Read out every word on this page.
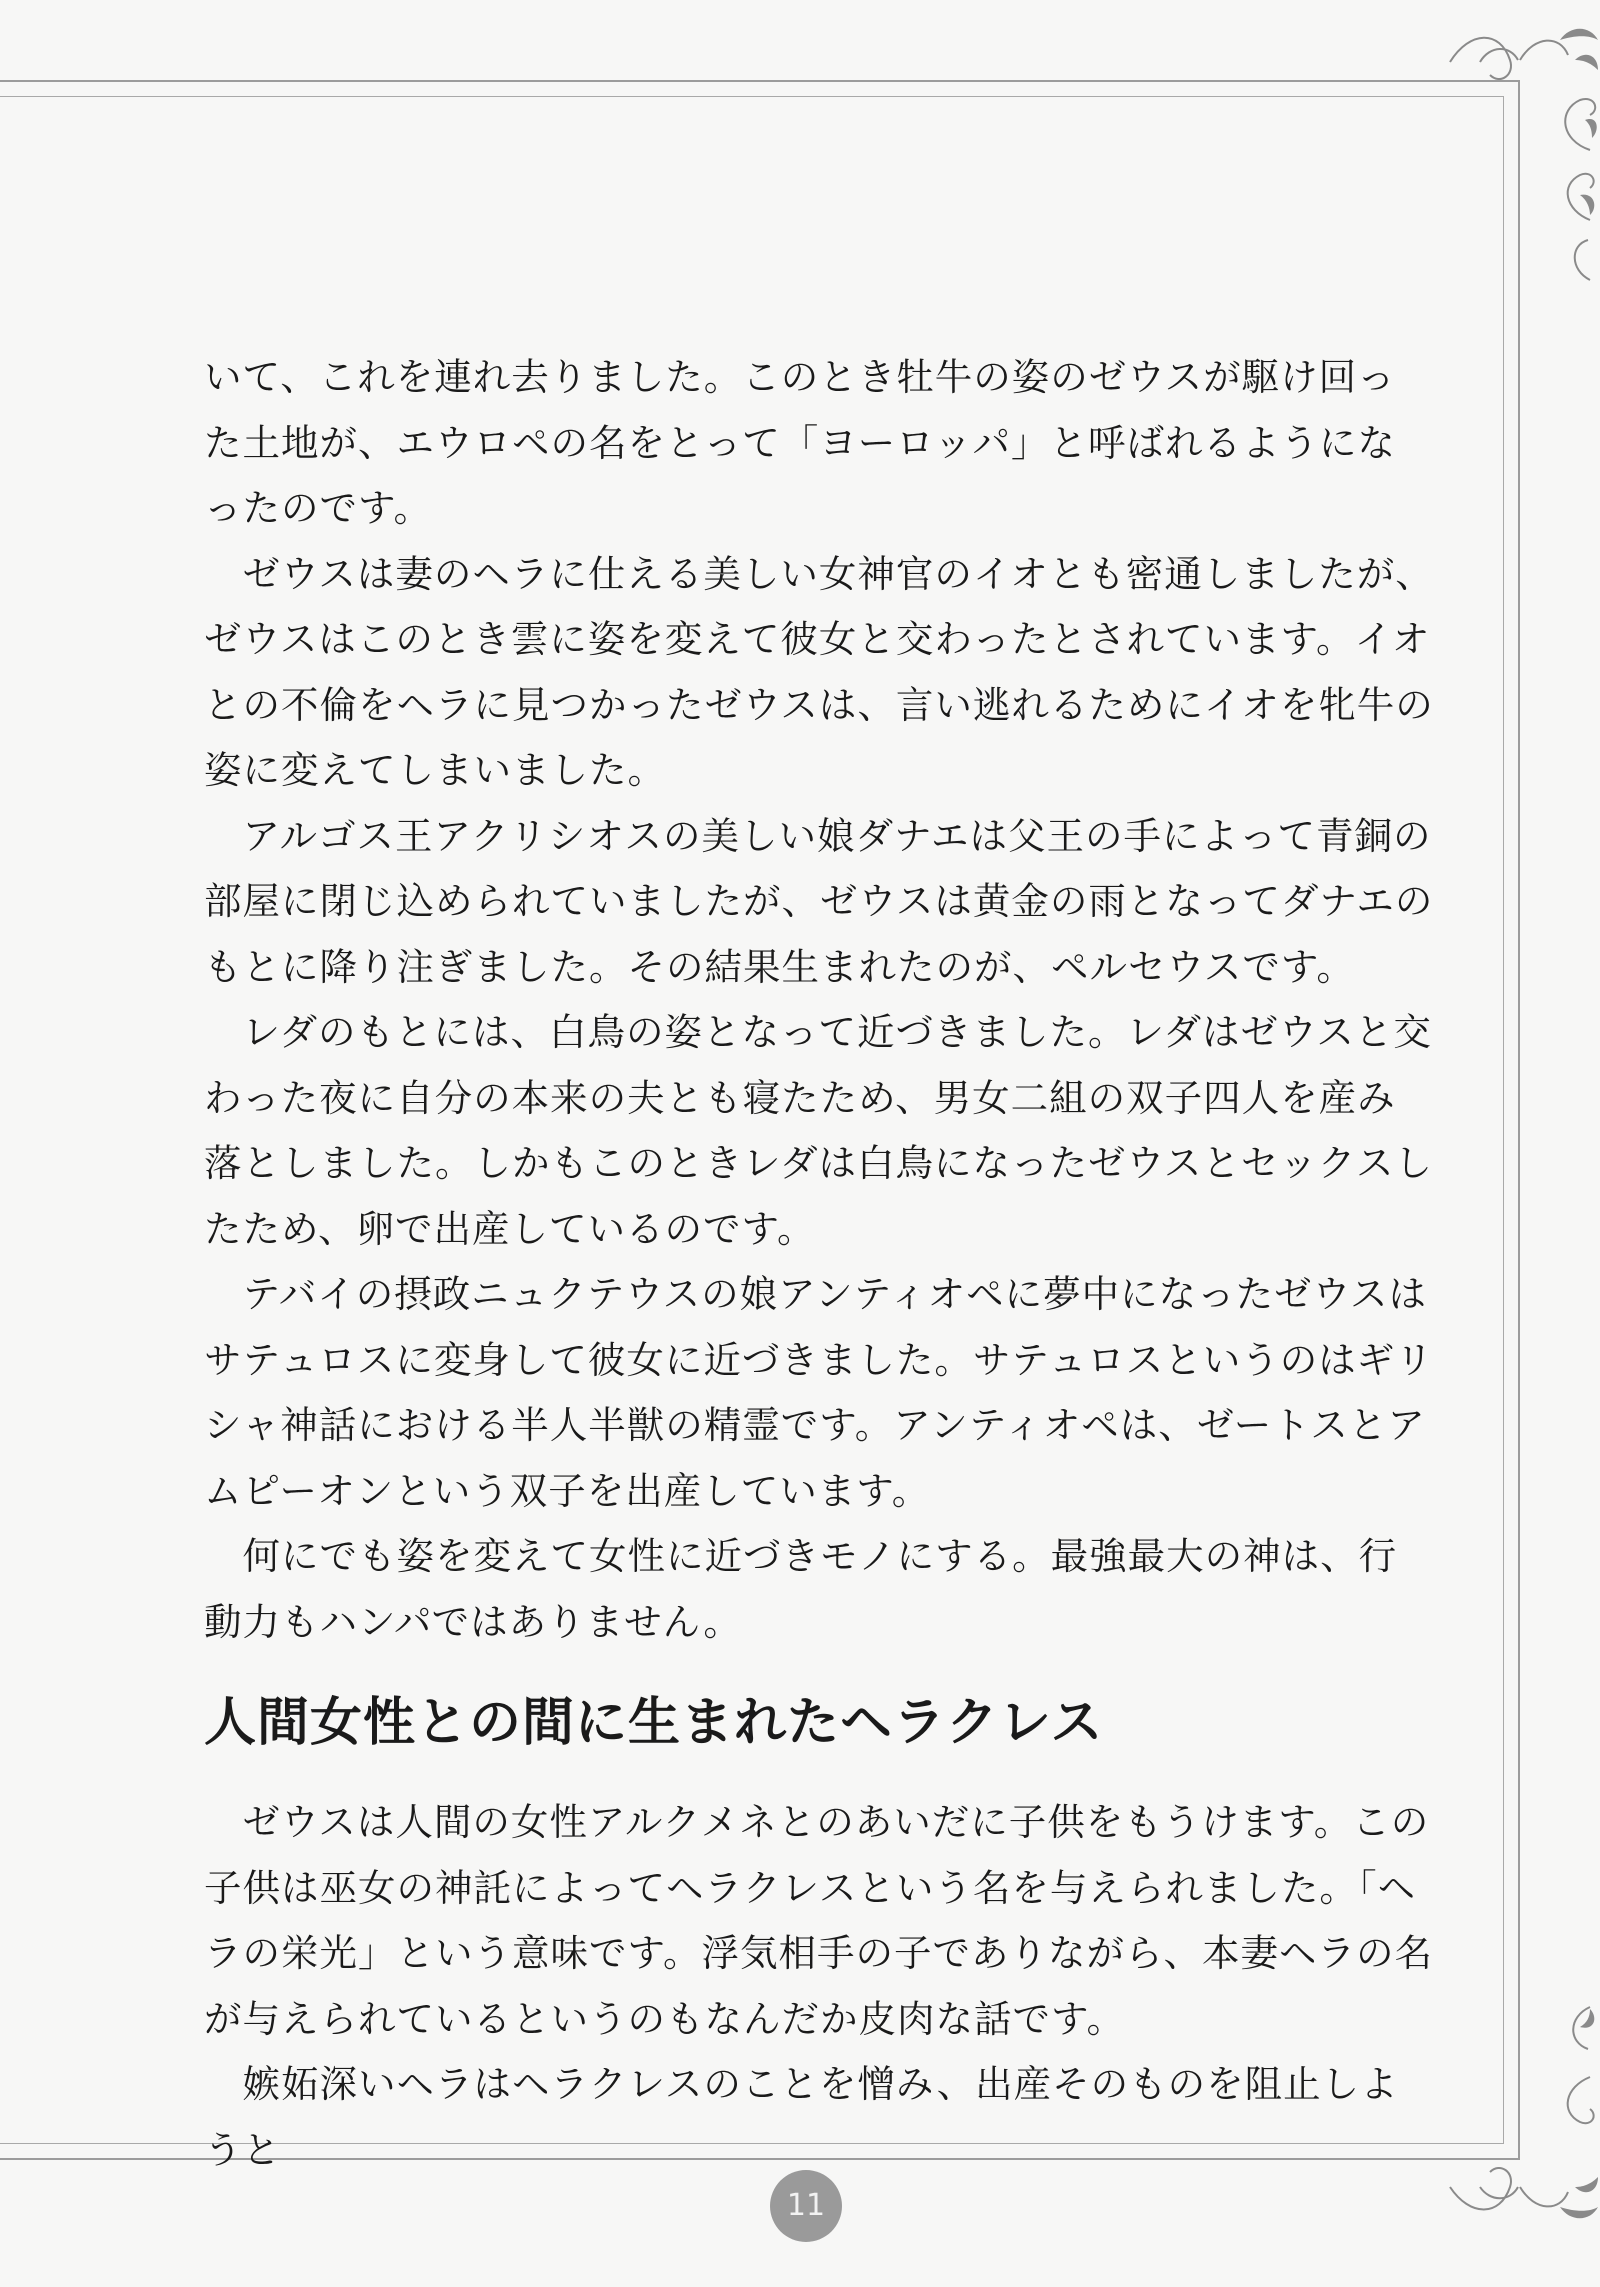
いて、これを連れ去りました。このとき牡牛の姿のゼウスが駆け回った土地が、エウロペの名をとって「ヨーロッパ」と呼ばれるようになったのです。

　ゼウスは妻のヘラに仕える美しい女神官のイオとも密通しましたが、ゼウスはこのとき雲に姿を変えて彼女と交わったとされています。イオとの不倫をヘラに見つかったゼウスは、言い逃れるためにイオを牝牛の姿に変えてしまいました。

　アルゴス王アクリシオスの美しい娘ダナエは父王の手によって青銅の部屋に閉じ込められていましたが、ゼウスは黄金の雨となってダナエのもとに降り注ぎました。その結果生まれたのが、ペルセウスです。

　レダのもとには、白鳥の姿となって近づきました。レダはゼウスと交わった夜に自分の本来の夫とも寝たため、男女二組の双子四人を産み落としました。しかもこのときレダは白鳥になったゼウスとセックスしたため、卵で出産しているのです。

　テバイの摂政ニュクテウスの娘アンティオペに夢中になったゼウスはサテュロスに変身して彼女に近づきました。サテュロスというのはギリシャ神話における半人半獣の精霊です。アンティオペは、ゼートスとアムピーオンという双子を出産しています。

　何にでも姿を変えて女性に近づきモノにする。最強最大の神は、行動力もハンパではありません。

人間女性との間に生まれたヘラクレス

　ゼウスは人間の女性アルクメネとのあいだに子供をもうけます。この子供は巫女の神託によってヘラクレスという名を与えられました。「ヘラの栄光」という意味です。浮気相手の子でありながら、本妻ヘラの名が与えられているというのもなんだか皮肉な話です。

　嫉妬深いヘラはヘラクレスのことを憎み、出産そのものを阻止しようと

11
